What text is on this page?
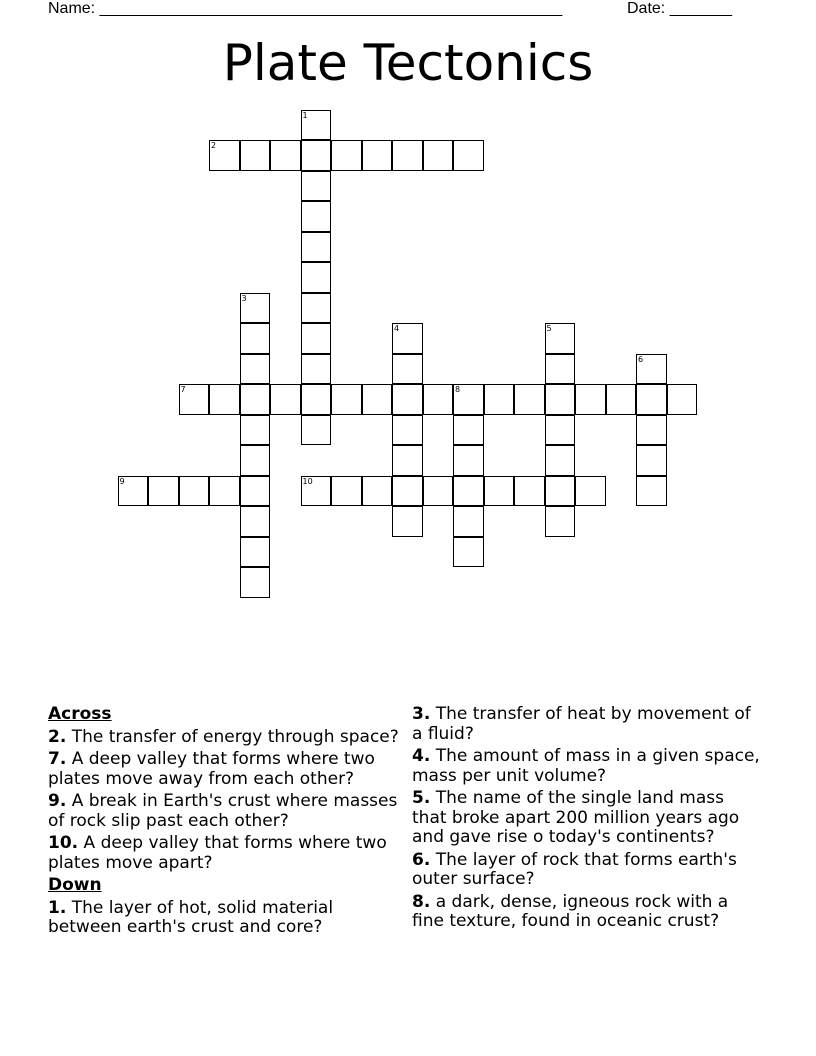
Name: ____________________________________________________	Date: _______
Plate Tectonics
1
2
3
4	5
6
7	8
9	10
Across
2. The transfer of energy through space?
7. A deep valley that forms where two plates move away from each other?
9. A break in Earth's crust where masses of rock slip past each other?
10. A deep valley that forms where two plates move apart?
Down
1. The layer of hot, solid material between earth's crust and core?
3. The transfer of heat by movement of a fluid?
4. The amount of mass in a given space, mass per unit volume?
5. The name of the single land mass that broke apart 200 million years ago and gave rise o today's continents?
6. The layer of rock that forms earth's outer surface?
8. a dark, dense, igneous rock with a fine texture, found in oceanic crust?
